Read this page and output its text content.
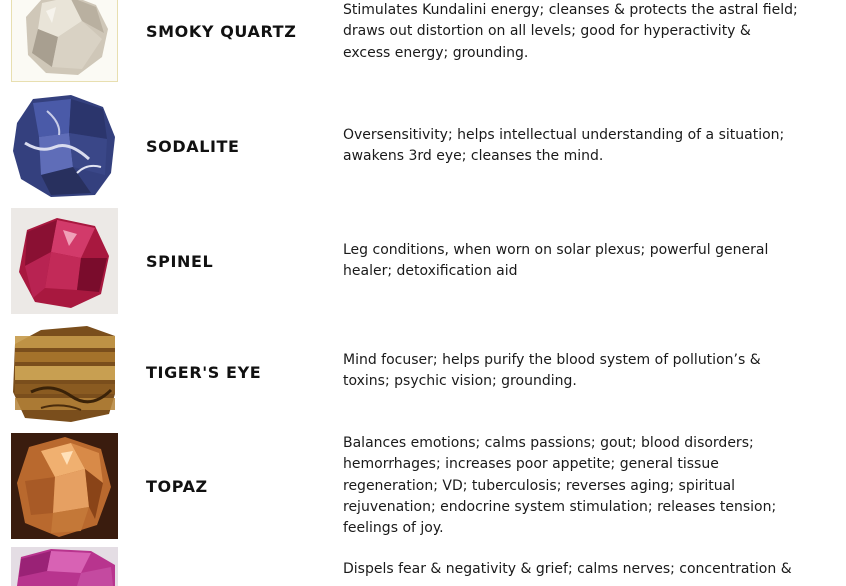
SMOKY QUARTZ
Stimulates Kundalini energy; cleanses & protects the astral field;
draws out distortion on all levels; good for hyperactivity &
excess energy; grounding.
SODALITE
Oversensitivity; helps intellectual understanding of a situation;
awakens 3rd eye; cleanses the mind.
SPINEL
Leg conditions, when worn on solar plexus; powerful general
healer; detoxification aid
TIGER'S EYE
Mind focuser; helps purify the blood system of pollution’s &
toxins; psychic vision; grounding.
TOPAZ
Balances emotions; calms passions; gout; blood disorders;
hemorrhages; increases poor appetite; general tissue
regeneration; VD; tuberculosis; reverses aging; spiritual
rejuvenation; endocrine system stimulation; releases tension;
feelings of joy.
Dispels fear & negativity & grief; calms nerves; concentration &
